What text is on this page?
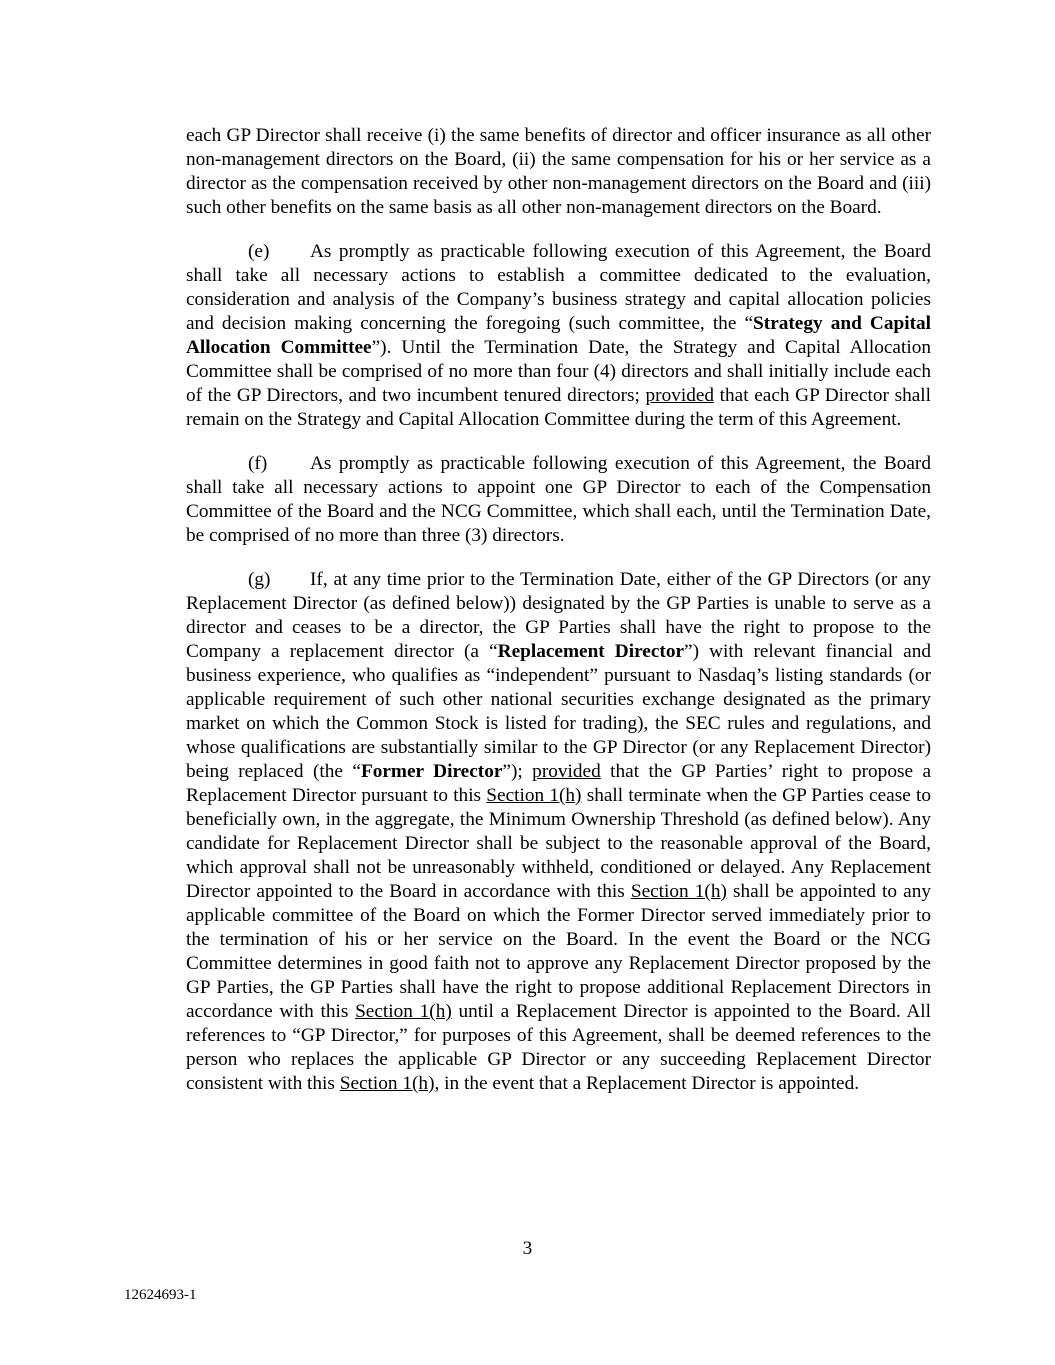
each GP Director shall receive (i) the same benefits of director and officer insurance as all other non-management directors on the Board, (ii) the same compensation for his or her service as a director as the compensation received by other non-management directors on the Board and (iii) such other benefits on the same basis as all other non-management directors on the Board.

(e) As promptly as practicable following execution of this Agreement, the Board shall take all necessary actions to establish a committee dedicated to the evaluation, consideration and analysis of the Company’s business strategy and capital allocation policies and decision making concerning the foregoing (such committee, the “Strategy and Capital Allocation Committee”). Until the Termination Date, the Strategy and Capital Allocation Committee shall be comprised of no more than four (4) directors and shall initially include each of the GP Directors, and two incumbent tenured directors; provided that each GP Director shall remain on the Strategy and Capital Allocation Committee during the term of this Agreement.

(f) As promptly as practicable following execution of this Agreement, the Board shall take all necessary actions to appoint one GP Director to each of the Compensation Committee of the Board and the NCG Committee, which shall each, until the Termination Date, be comprised of no more than three (3) directors.

(g) If, at any time prior to the Termination Date, either of the GP Directors (or any Replacement Director (as defined below)) designated by the GP Parties is unable to serve as a director and ceases to be a director, the GP Parties shall have the right to propose to the Company a replacement director (a “Replacement Director”) with relevant financial and business experience, who qualifies as “independent” pursuant to Nasdaq’s listing standards (or applicable requirement of such other national securities exchange designated as the primary market on which the Common Stock is listed for trading), the SEC rules and regulations, and whose qualifications are substantially similar to the GP Director (or any Replacement Director) being replaced (the “Former Director”); provided that the GP Parties’ right to propose a Replacement Director pursuant to this Section 1(h) shall terminate when the GP Parties cease to beneficially own, in the aggregate, the Minimum Ownership Threshold (as defined below). Any candidate for Replacement Director shall be subject to the reasonable approval of the Board, which approval shall not be unreasonably withheld, conditioned or delayed. Any Replacement Director appointed to the Board in accordance with this Section 1(h) shall be appointed to any applicable committee of the Board on which the Former Director served immediately prior to the termination of his or her service on the Board. In the event the Board or the NCG Committee determines in good faith not to approve any Replacement Director proposed by the GP Parties, the GP Parties shall have the right to propose additional Replacement Directors in accordance with this Section 1(h) until a Replacement Director is appointed to the Board. All references to “GP Director,” for purposes of this Agreement, shall be deemed references to the person who replaces the applicable GP Director or any succeeding Replacement Director consistent with this Section 1(h), in the event that a Replacement Director is appointed.

3
12624693-1
